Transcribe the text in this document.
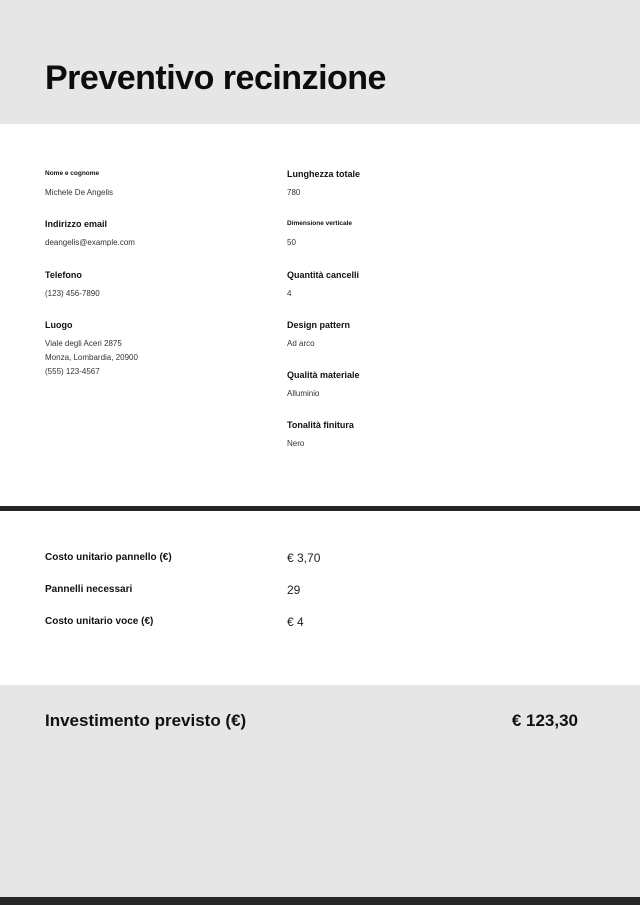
Preventivo recinzione
Nome e cognome
Michele De Angelis
Indirizzo email
deangelis@example.com
Telefono
(123) 456-7890
Luogo
Viale degli Aceri 2875
Monza, Lombardia, 20900
(555) 123-4567
Lunghezza totale
780
Dimensione verticale
50
Quantità cancelli
4
Design pattern
Ad arco
Qualità materiale
Alluminio
Tonalità finitura
Nero
Costo unitario pannello (€)	€ 3,70
Pannelli necessari	29
Costo unitario voce (€)	€ 4
Investimento previsto (€)	€ 123,30
